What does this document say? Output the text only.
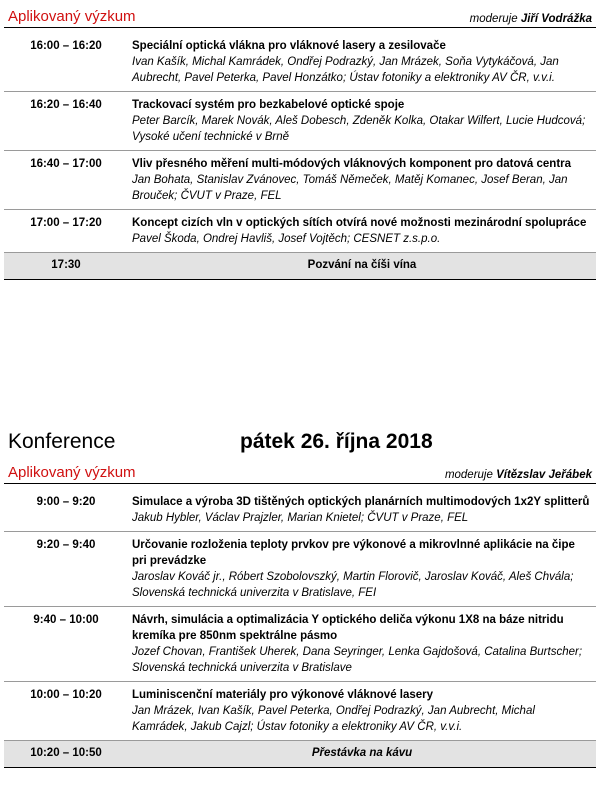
Aplikovaný výzkum	moderuje Jiří Vodrážka
16:00 – 16:20	Speciální optická vlákna pro vláknové lasery a zesilovače
Ivan Kašík, Michal Kamrádek, Ondřej Podrazký, Jan Mrázek, Soňa Vytykáčová, Jan Aubrecht, Pavel Peterka, Pavel Honzátko; Ústav fotoniky a elektroniky AV ČR, v.v.i.

16:20 – 16:40	Trackovací systém pro bezkabelové optické spoje
Peter Barcík, Marek Novák, Aleš Dobesch, Zdeněk Kolka, Otakar Wilfert, Lucie Hudcová; Vysoké učení technické v Brně

16:40 – 17:00	Vliv přesného měření multi-módových vláknových komponent pro datová centra
Jan Bohata, Stanislav Zvánovec, Tomáš Němeček, Matěj Komanec, Josef Beran, Jan Brouček; ČVUT v Praze, FEL

17:00 – 17:20	Koncept cizích vln v optických sítích otvírá nové možnosti mezinárodní spolupráce
Pavel Škoda, Ondrej Havliš, Josef Vojtěch; CESNET z.s.p.o.

17:30	Pozvání na číši vína
Konference	pátek 26. října 2018
Aplikovaný výzkum	moderuje Vítězslav Jeřábek
9:00 – 9:20	Simulace a výroba 3D tištěných optických planárních multimodových 1x2Y splitterů
Jakub Hybler, Václav Prajzler, Marian Knietel; ČVUT v Praze, FEL

9:20 – 9:40	Určovanie rozloženia teploty prvkov pre výkonové a mikrovlnné aplikácie na čipe pri prevádzke
Jaroslav Kováč jr., Róbert Szobolovszký, Martin Florovič, Jaroslav Kováč, Aleš Chvála; Slovenská technická univerzita v Bratislave, FEI

9:40 – 10:00	Návrh, simulácia a optimalizácia Y optického deliča výkonu 1X8 na báze nitridu kremíka pre 850nm spektrálne pásmo
Jozef Chovan, František Uherek, Dana Seyringer, Lenka Gajdošová, Catalina Burtscher; Slovenská technická univerzita v Bratislave

10:00 – 10:20	Luminiscenční materiály pro výkonové vláknové lasery
Jan Mrázek, Ivan Kašík, Pavel Peterka, Ondřej Podrazký, Jan Aubrecht, Michal Kamrádek, Jakub Cajzl; Ústav fotoniky a elektroniky AV ČR, v.v.i.

10:20 – 10:50	Přestávka na kávu
